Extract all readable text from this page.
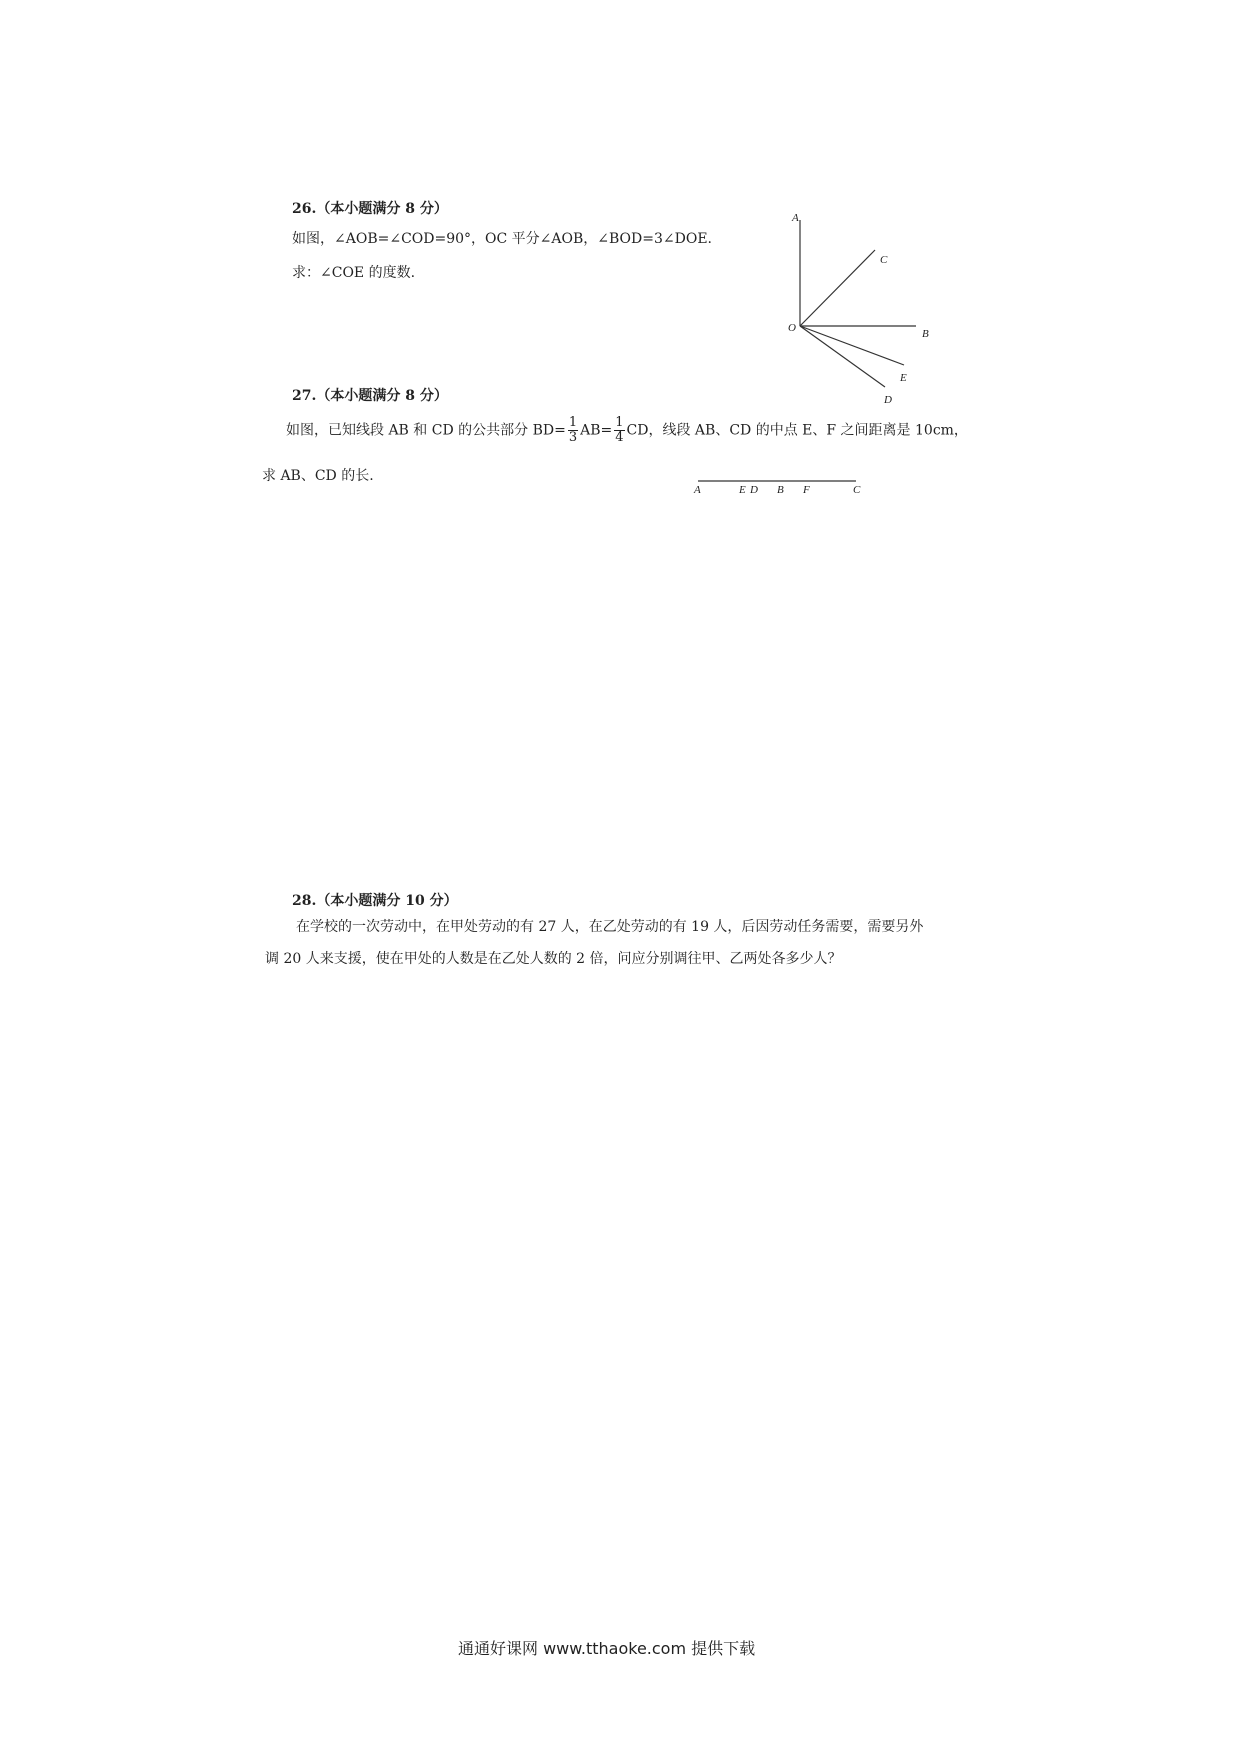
26.（本小题满分 8 分）
如图，∠AOB=∠COD=90°，OC 平分∠AOB，∠BOD=3∠DOE.
求：∠COE 的度数.
A
C
O	B
E
D
27.（本小题满分 8 分）
如图，已知线段 AB 和 CD 的公共部分 $BD= \frac{1}{3} AB= \frac{1}{4}$ CD，线段 AB、CD 的中点 E、F 之间距离是 10cm，
求 AB、CD 的长.
A	E D B F	C
28.（本小题满分 10 分）
在学校的一次劳动中，在甲处劳动的有 27 人，在乙处劳动的有 19 人，后因劳动任务需要，需要另外
调 20 人来支援，使在甲处的人数是在乙处人数的 2 倍，问应分别调往甲、乙两处各多少人？
通通好课网 www.tthaoke.com 提供下载
